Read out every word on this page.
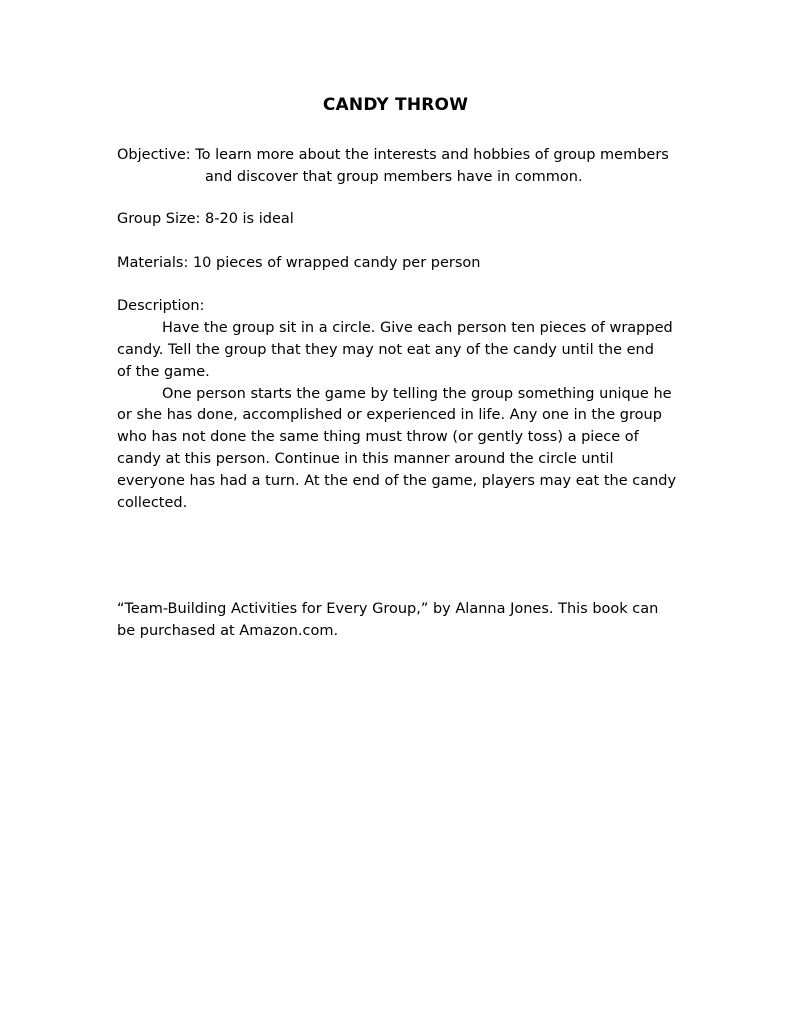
CANDY THROW
Objective: To learn more about the interests and hobbies of group members
and discover that group members have in common.
Group Size: 8-20 is ideal
Materials: 10 pieces of wrapped candy per person
Description:
Have the group sit in a circle. Give each person ten pieces of wrapped
candy. Tell the group that they may not eat any of the candy until the end
of the game.
One person starts the game by telling the group something unique he
or she has done, accomplished or experienced in life. Any one in the group
who has not done the same thing must throw (or gently toss) a piece of
candy at this person. Continue in this manner around the circle until
everyone has had a turn. At the end of the game, players may eat the candy
collected.
“Team-Building Activities for Every Group,” by Alanna Jones. This book can
be purchased at Amazon.com.
